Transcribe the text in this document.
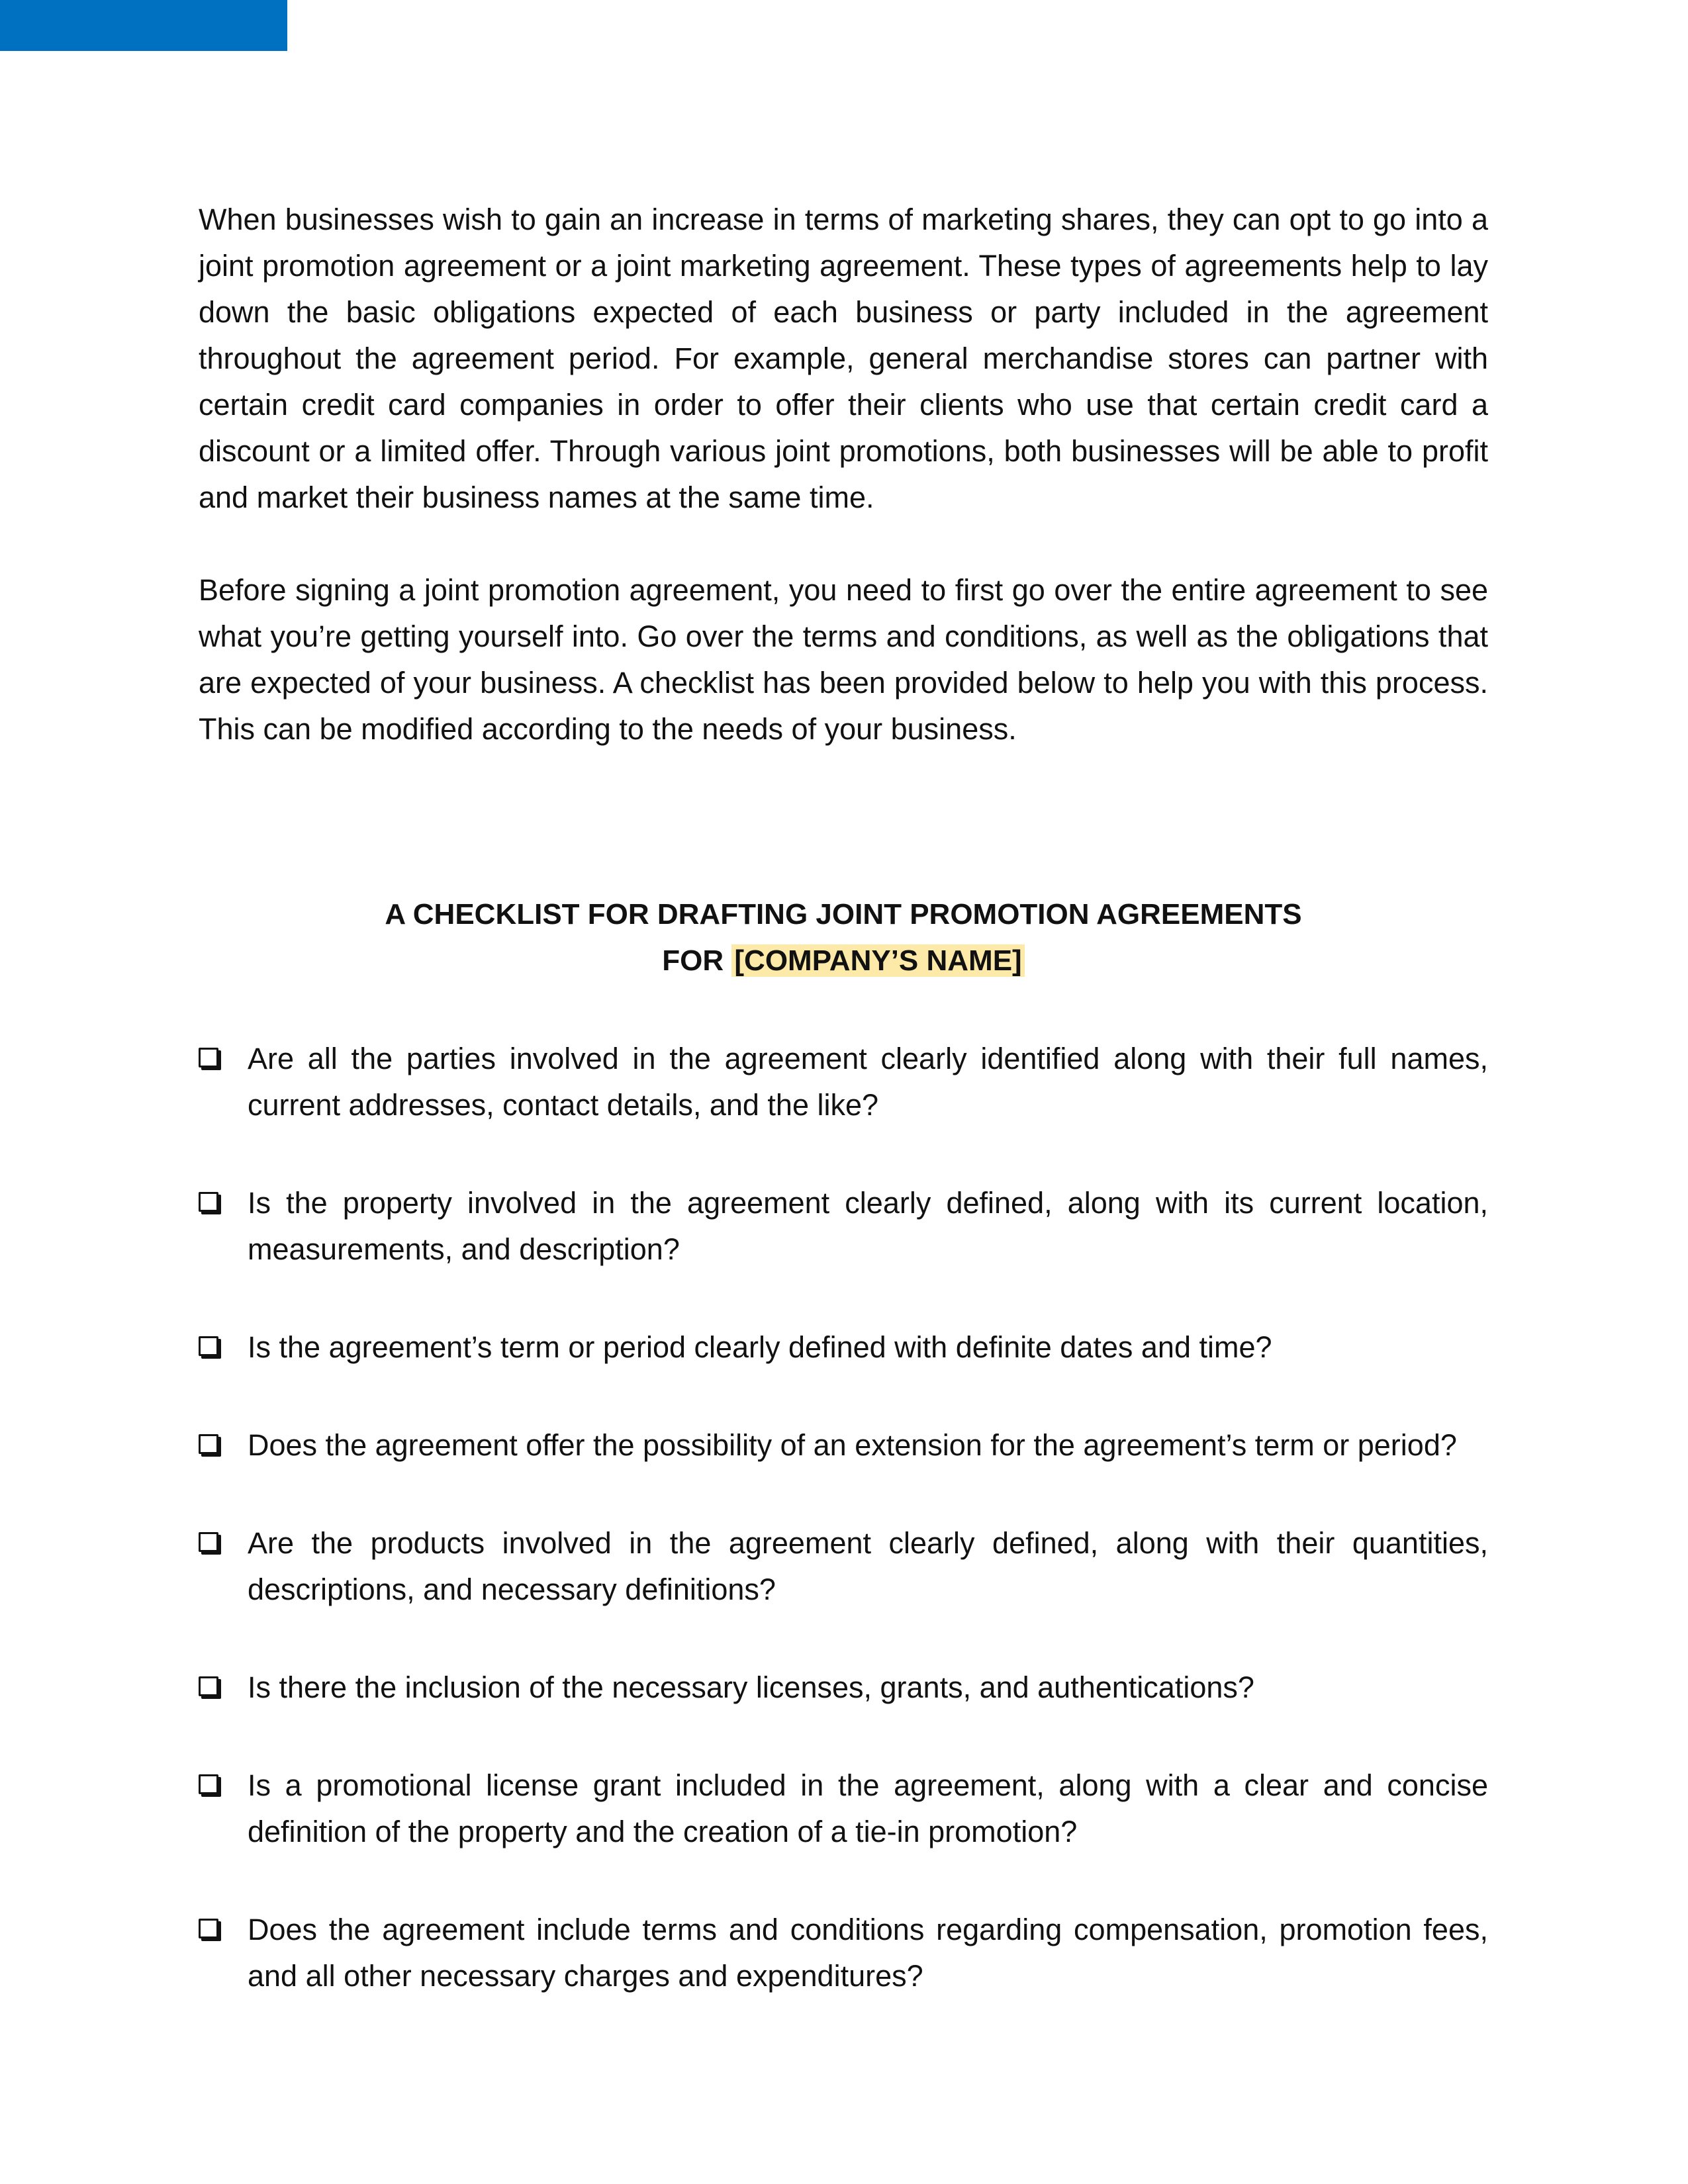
When businesses wish to gain an increase in terms of marketing shares, they can opt to go into a joint promotion agreement or a joint marketing agreement. These types of agreements help to lay down the basic obligations expected of each business or party included in the agreement throughout the agreement period. For example, general merchandise stores can partner with certain credit card companies in order to offer their clients who use that certain credit card a discount or a limited offer. Through various joint promotions, both businesses will be able to profit and market their business names at the same time.

Before signing a joint promotion agreement, you need to first go over the entire agreement to see what you’re getting yourself into. Go over the terms and conditions, as well as the obligations that are expected of your business. A checklist has been provided below to help you with this process. This can be modified according to the needs of your business.

A CHECKLIST FOR DRAFTING JOINT PROMOTION AGREEMENTS
FOR [COMPANY’S NAME]
Are all the parties involved in the agreement clearly identified along with their full names, current addresses, contact details, and the like?
Is the property involved in the agreement clearly defined, along with its current location, measurements, and description?
Is the agreement’s term or period clearly defined with definite dates and time?
Does the agreement offer the possibility of an extension for the agreement’s term or period?
Are the products involved in the agreement clearly defined, along with their quantities, descriptions, and necessary definitions?
Is there the inclusion of the necessary licenses, grants, and authentications?
Is a promotional license grant included in the agreement, along with a clear and concise definition of the property and the creation of a tie-in promotion?
Does the agreement include terms and conditions regarding compensation, promotion fees, and all other necessary charges and expenditures?
